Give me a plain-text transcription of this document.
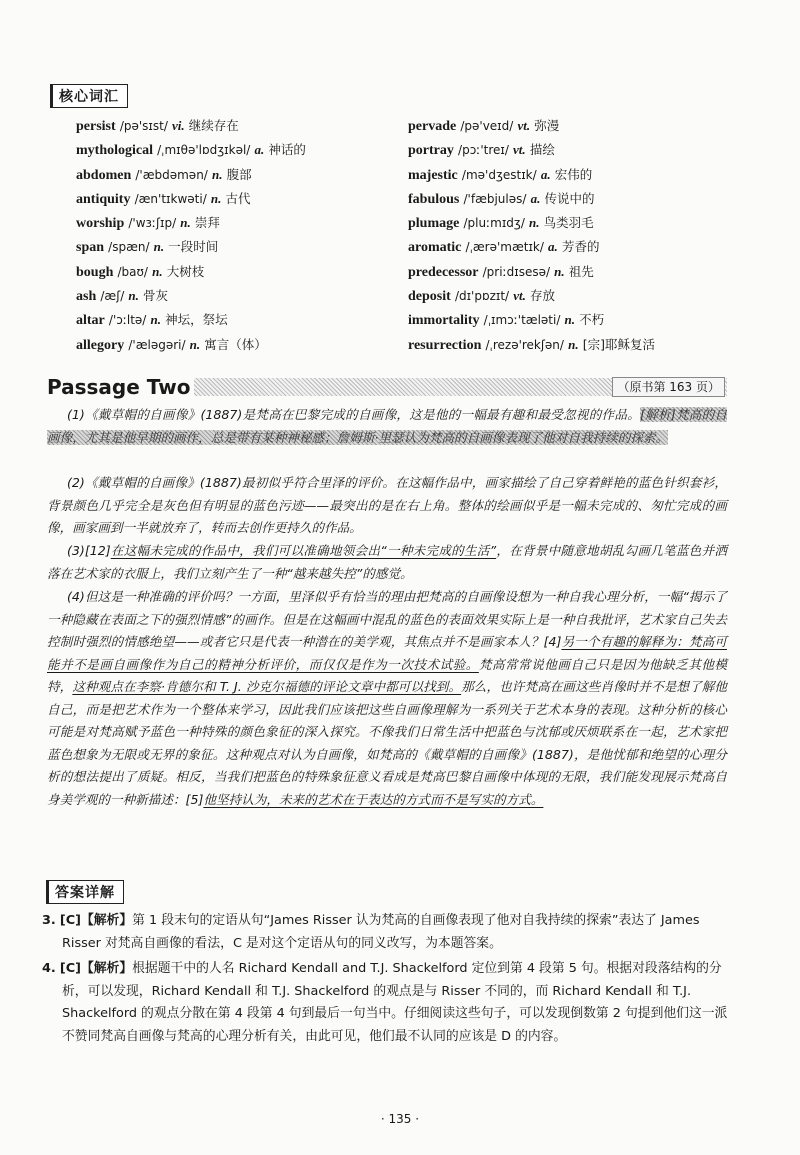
核心词汇
persist /pə'sɪst/ vi. 继续存在
mythological /ˌmɪθə'lɒdʒɪkəl/ a. 神话的
abdomen /'æbdəmən/ n. 腹部
antiquity /æn'tɪkwəti/ n. 古代
worship /'wɜːʃɪp/ n. 崇拜
span /spæn/ n. 一段时间
bough /baʊ/ n. 大树枝
ash /æʃ/ n. 骨灰
altar /'ɔːltə/ n. 神坛，祭坛
allegory /'æləgəri/ n. 寓言（体）
pervade /pə'veɪd/ vt. 弥漫
portray /pɔː'treɪ/ vt. 描绘
majestic /mə'dʒestɪk/ a. 宏伟的
fabulous /'fæbjuləs/ a. 传说中的
plumage /pluːmɪdʒ/ n. 鸟类羽毛
aromatic /ˌærə'mætɪk/ a. 芳香的
predecessor /priːdɪsesə/ n. 祖先
deposit /dɪ'pɒzɪt/ vt. 存放
immortality /ˌɪmɔː'tæləti/ n. 不朽
resurrection /ˌrezə'rekʃən/ n. [宗]耶稣复活
Passage Two	（原书第 163 页）
(1)《戴草帽的自画像》(1887)是梵高在巴黎完成的自画像，这是他的一幅最有趣和最受忽视的作品。[解析]梵高的自画像，尤其是他早期的画作，总是带有某种神秘感；詹姆斯·里瑟认为梵高的自画像表现了他对自我持续的探索。
(2)《戴草帽的自画像》(1887)最初似乎符合里泽的评价。在这幅作品中，画家描绘了自己穿着鲜艳的蓝色针织套衫，背景颜色几乎完全是灰色但有明显的蓝色污迹——最突出的是在右上角。整体的绘画似乎是一幅未完成的、匆忙完成的画像，画家画到一半就放弃了，转而去创作更持久的作品。
(3)[12]在这幅未完成的作品中，我们可以准确地领会出“一种未完成的生活”，在背景中随意地胡乱勾画几笔蓝色并洒落在艺术家的衣服上，我们立刻产生了一种“越来越失控”的感觉。
(4)但这是一种准确的评价吗？一方面，里泽似乎有恰当的理由把梵高的自画像设想为一种自我心理分析，一幅“揭示了一种隐藏在表面之下的强烈情感”的画作。但是在这幅画中混乱的蓝色的表面效果实际上是一种自我批评，艺术家自己失去控制时强烈的情感绝望——或者它只是代表一种潜在的美学观，其焦点并不是画家本人？[4]另一个有趣的解释为：梵高可能并不是画自画像作为自己的精神分析评价，而仅仅是作为一次技术试验。梵高常常说他画自己只是因为他缺乏其他模特，这种观点在李察·肯德尔和 T. J. 沙克尔福德的评论文章中都可以找到。那么，也许梵高在画这些肖像时并不是想了解他自己，而是把艺术作为一个整体来学习，因此我们应该把这些自画像理解为一系列关于艺术本身的表现。这种分析的核心可能是对梵高赋予蓝色一种特殊的颜色象征的深入探究。不像我们日常生活中把蓝色与沈郁或厌烦联系在一起，艺术家把蓝色想象为无限或无界的象征。这种观点对认为自画像，如梵高的《戴草帽的自画像》(1887)，是他忧郁和绝望的心理分析的想法提出了质疑。相反，当我们把蓝色的特殊象征意义看成是梵高巴黎自画像中体现的无限，我们能发现展示梵高自身美学观的一种新描述：[5]他坚持认为，未来的艺术在于表达的方式而不是写实的方式。
答案详解
3. [C]【解析】第 1 段末句的定语从句“James Risser 认为梵高的自画像表现了他对自我持续的探索”表达了 James Risser 对梵高自画像的看法，C 是对这个定语从句的同义改写，为本题答案。
4. [C]【解析】根据题干中的人名 Richard Kendall and T.J. Shackelford 定位到第 4 段第 5 句。根据对段落结构的分析，可以发现，Richard Kendall 和 T.J. Shackelford 的观点是与 Risser 不同的，而 Richard Kendall 和 T.J. Shackelford 的观点分散在第 4 段第 4 句到最后一句当中。仔细阅读这些句子，可以发现倒数第 2 句提到他们这一派不赞同梵高自画像与梵高的心理分析有关，由此可见，他们最不认同的应该是 D 的内容。
· 135 ·
